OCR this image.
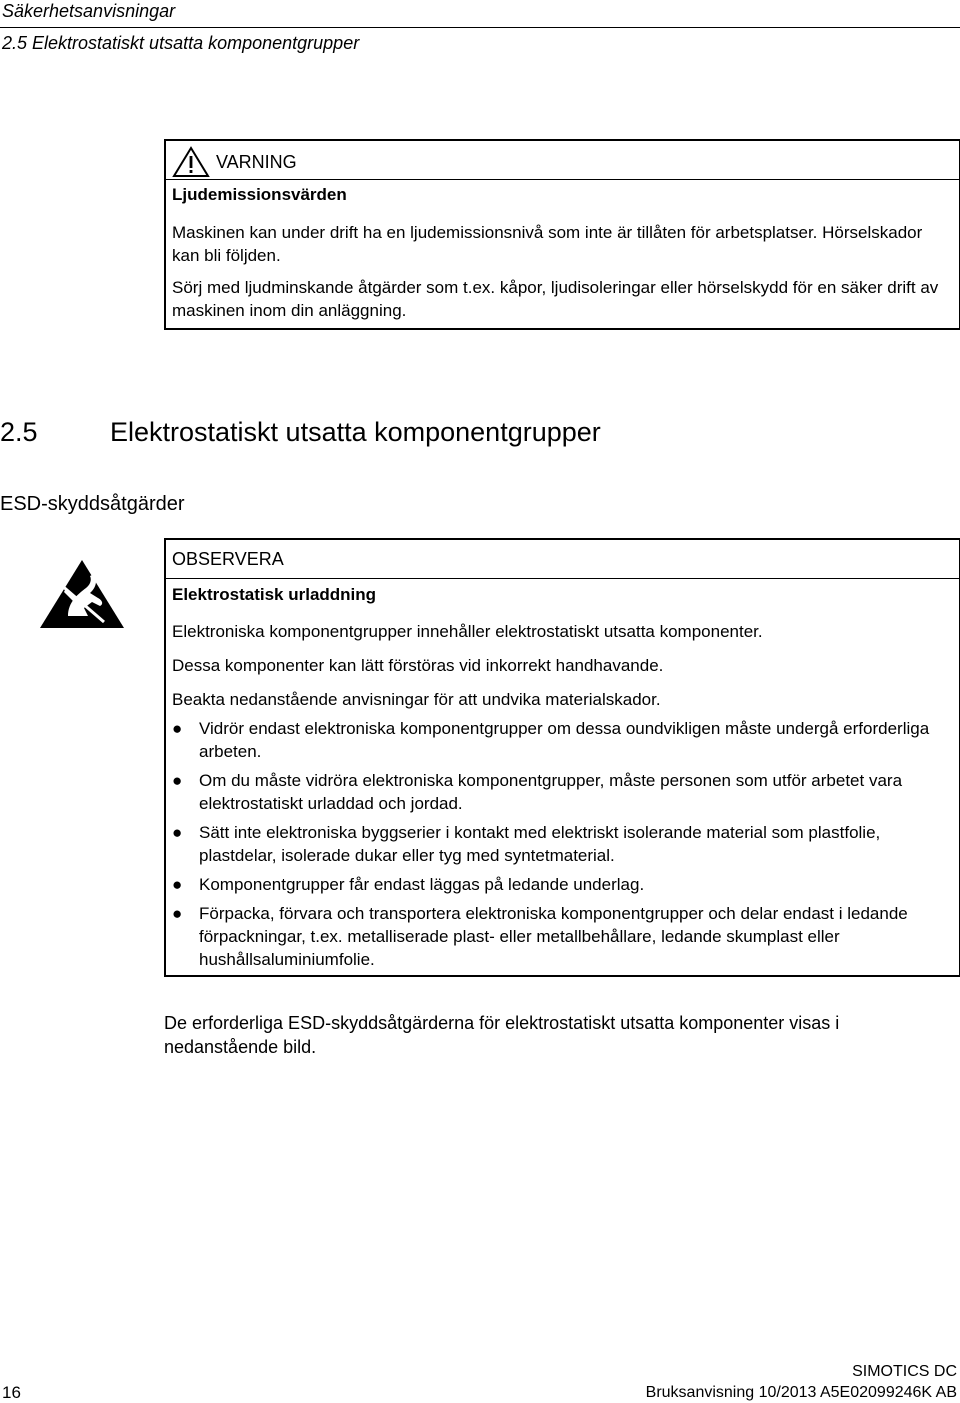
Säkerhetsanvisningar
2.5 Elektrostatiskt utsatta komponentgrupper
VARNING
Ljudemissionsvärden
Maskinen kan under drift ha en ljudemissionsnivå som inte är tillåten för arbetsplatser. Hörselskador kan bli följden.
Sörj med ljudminskande åtgärder som t.ex. kåpor, ljudisoleringar eller hörselskydd för en säker drift av maskinen inom din anläggning.
2.5	Elektrostatiskt utsatta komponentgrupper
ESD-skyddsåtgärder
OBSERVERA
Elektrostatisk urladdning
Elektroniska komponentgrupper innehåller elektrostatiskt utsatta komponenter.
Dessa komponenter kan lätt förstöras vid inkorrekt handhavande.
Beakta nedanstående anvisningar för att undvika materialskador.
● Vidrör endast elektroniska komponentgrupper om dessa oundvikligen måste undergå erforderliga arbeten.
● Om du måste vidröra elektroniska komponentgrupper, måste personen som utför arbetet vara elektrostatiskt urladdad och jordad.
● Sätt inte elektroniska byggserier i kontakt med elektriskt isolerande material som plastfolie, plastdelar, isolerade dukar eller tyg med syntetmaterial.
● Komponentgrupper får endast läggas på ledande underlag.
● Förpacka, förvara och transportera elektroniska komponentgrupper och delar endast i ledande förpackningar, t.ex. metalliserade plast- eller metallbehållare, ledande skumplast eller hushållsaluminiumfolie.
De erforderliga ESD-skyddsåtgärderna för elektrostatiskt utsatta komponenter visas i nedanstående bild.
SIMOTICS DC
16	Bruksanvisning 10/2013 A5E02099246K AB
